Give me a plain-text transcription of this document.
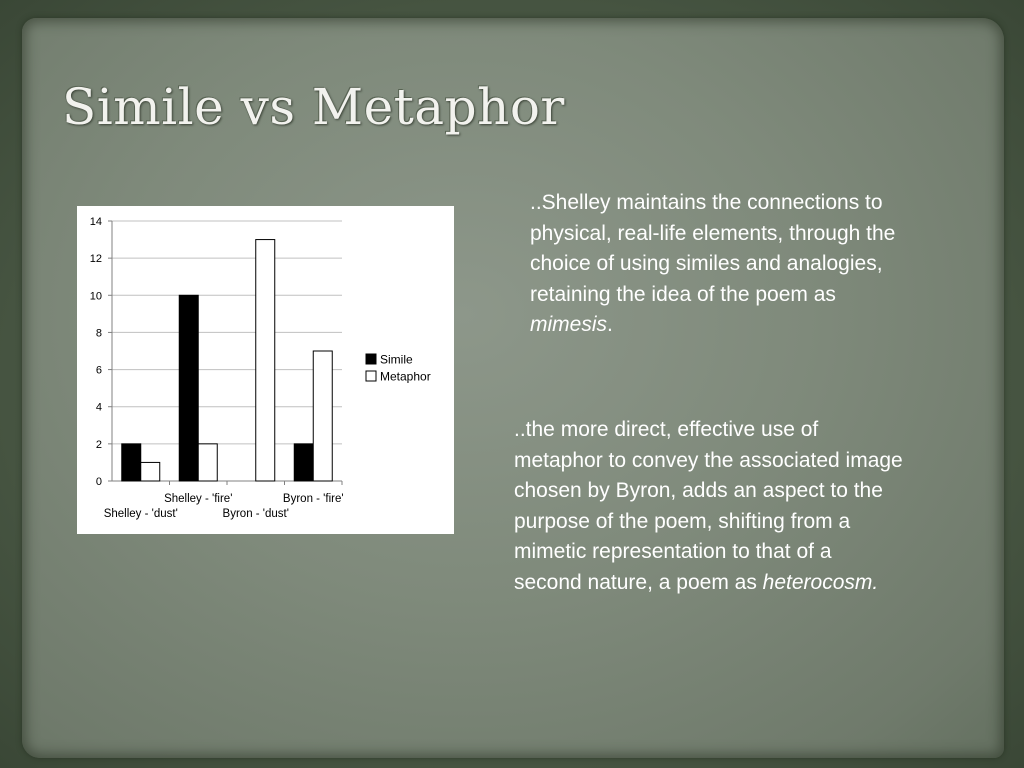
Simile vs Metaphor
0
2
4
6
8
10
12
14
Shelley - 'dust'
Shelley - 'fire'
Byron - 'dust'
Byron - 'fire'
Simile
Metaphor
..Shelley maintains the connections to physical, real-life elements, through the choice of using similes and analogies, retaining the idea of the poem as mimesis.
..the more direct, effective use of metaphor to convey the associated image chosen by Byron, adds an aspect to the purpose of the poem, shifting from a mimetic representation to that of a second nature, a poem as heterocosm.
